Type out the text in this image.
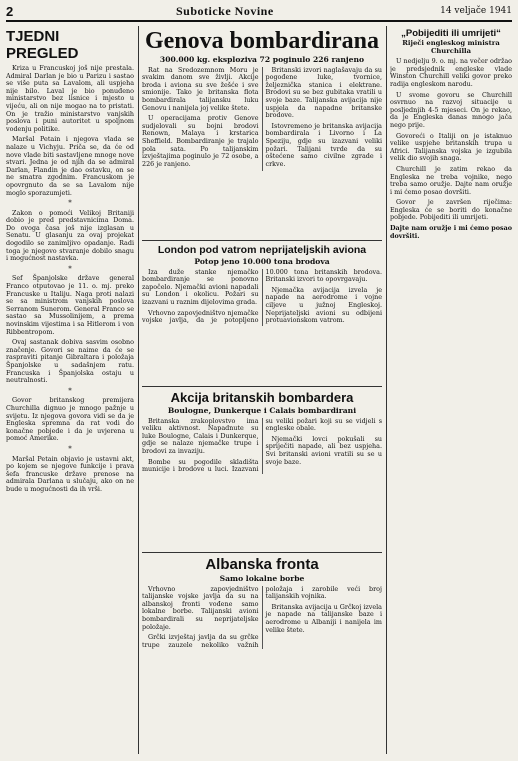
2	Suboticke Novine	14 veljače 1941
TJEDNI PREGLED

Kriza u Francuskoj još nije prestala. Admiral Darlan je bio u Parizu i sastao se više puta sa Lavalom, ali uspjeha nije bilo. Laval je bio ponuđeno ministarstvo bez lisnice i mjesto u vijeću, ali on nije mogao na to pristati. On je tražio ministarstvo vanjskih poslova i puni autoritet u spoljnom vodenju politike.

Maršal Petain i njegova vlada se nalaze u Vichyju. Priča se, da će od nove vlade biti sastavljene mnoge nove stvari. Jedna je od njih da se admiral Darlan, Flandin je dao ostavku, on se ne smatra zgodnim. Francuskom je opovrgnuto da se sa Lavalom nije moglo sporazumjeti.

*

Zakon o pomoći Velikoj Britaniji dobio je pred predstavnicima Doma. Do ovoga časa još nije izglasan u Senatu. U glasanju za ovaj projekat dogodilo se zanimljivo opadanje. Radi toga je njegovo stvaranje dobilo snagu i mogućnost nastavka.

*

Sef Španjolske države general Franco otputovao je 11. o. mj. preko Francuske u Italiju. Naga proti nalazi se sa ministrom vanjskih poslova Serranom Sunerom. General Franco se sastao sa Mussolinijem, a prema novinskim vijestima i sa Hitlerom i von Ribbentropom.

Ovaj sastanak dobiva sasvim osobno značenje. Govori se naime da će se raspraviti pitanje Gibraltara i položaja Španjolske u sadašnjem ratu. Francuska i Španjolska ostaju u neutralnosti.

*

Govor britanskog premijera Churchilla dignuo je mnogo pažnje u svijetu. Iz njegova govora vidi se da je Engleska spremna da rat vodi do konačne pobjede i da je uvjerena u pomoć Amerike.

*

Maršal Petain objavio je ustavni akt, po kojem se njegove funkcije i prava šefa francuske države prenose na admirala Darlana u slučaju, ako on ne bude u mogućnosti da ih vrši.

Genova bombardirana
300.000 kg. eksploziva 72 poginulo 226 ranjeno

Rat na Sredozemnom Moru je svakim danom sve življi. Akcije broda i aviona su sve žešće i sve smionije. Tako je britanska flota bombardirala talijansku luku Genovu i nanijela joj velike štete.

U operacijama protiv Genove sudjelovali su bojni brodovi Renown, Malaya i krstarica Sheffield. Bombardiranje je trajalo pola sata. Po talijanskim izvještajima poginulo je 72 osobe, a 226 je ranjeno.

Britanski izvori naglašavaju da su pogođene luke, tvornice, željeznička stanica i elektrane. Brodovi su se bez gubitaka vratili u svoje baze. Talijanska avijacija nije uspjela da napadne britanske brodove.

Istovremeno je britanska avijacija bombardirala i Livorno i La Speziju, gdje su izazvani veliki požari. Talijani tvrde da su oštećene samo civilne zgrade i crkve.

London pod vatrom neprijateljskih aviona
Potop jeno 10.000 tona brodova

Iza duže stanke njemačko bombardiranje se ponovno započelo. Njemački avioni napadali su London i okolicu. Požari su izazvani u raznim dijelovima grada.

Vrhovno zapovjedništvo njemačke vojske javlja, da je potopljeno 10.000 tona britanskih brodova. Britanski izvori to opovrgavaju.

Njemačka avijacija izvela je napade na aerodrome i vojne ciljeve u južnoj Engleskoj. Neprijateljski avioni su odbijeni protuavionskom vatrom.

Akcija britanskih bombardera
Boulogne, Dunkerque i Calais bombardirani

Britanska zrakoplovstvo ima veliku aktivnost. Napadnute su luke Boulogne, Calais i Dunkerque, gdje se nalaze njemačke trupe i brodovi za invaziju.

Bombe su pogodile skladišta municije i brodove u luci. Izazvani su veliki požari koji su se vidjeli s engleske obale.

Njemački lovci pokušali su spriječiti napade, ali bez uspjeha. Svi britanski avioni vratili su se u svoje baze.

Albanska fronta
Samo lokalne borbe

Vrhovno zapovjedništvo talijanske vojske javlja da su na albanskoj fronti vođene samo lokalne borbe. Talijanski avioni bombardirali su neprijateljske položaje.

Grčki izvještaj javlja da su grčke trupe zauzele nekoliko važnih položaja i zarobile veći broj talijanskih vojnika.

Britanska avijacija u Grčkoj izvela je napade na talijanske baze i aerodrome u Albaniji i nanijela im velike štete.

„Pobijediti ili umrijeti“
Riječi engleskog ministra Churchilla

U nedjelju 9. o. mj. na večer održao je predsjednik engleske vlade Winston Churchill veliki govor preko radija engleskom narodu.

U svome govoru se Churchill osvrnuo na razvoj situacije u posljednjih 4-5 mjeseci. On je rekao, da je Engleska danas mnogo jača nego prije.

Govoreći o Italiji on je istaknuo velike uspjehe britanskih trupa u Africi. Talijanska vojska je izgubila velik dio svojih snaga.

Churchill je zatim rekao da Engleska ne treba vojnike, nego treba samo oružje. Dajte nam oružje i mi ćemo posao dovršiti.

Govor je završen riječima: Engleska će se boriti do konačne pobjede. Pobijediti ili umrijeti.

Dajte nam oružje i mi ćemo posao dovršiti.
